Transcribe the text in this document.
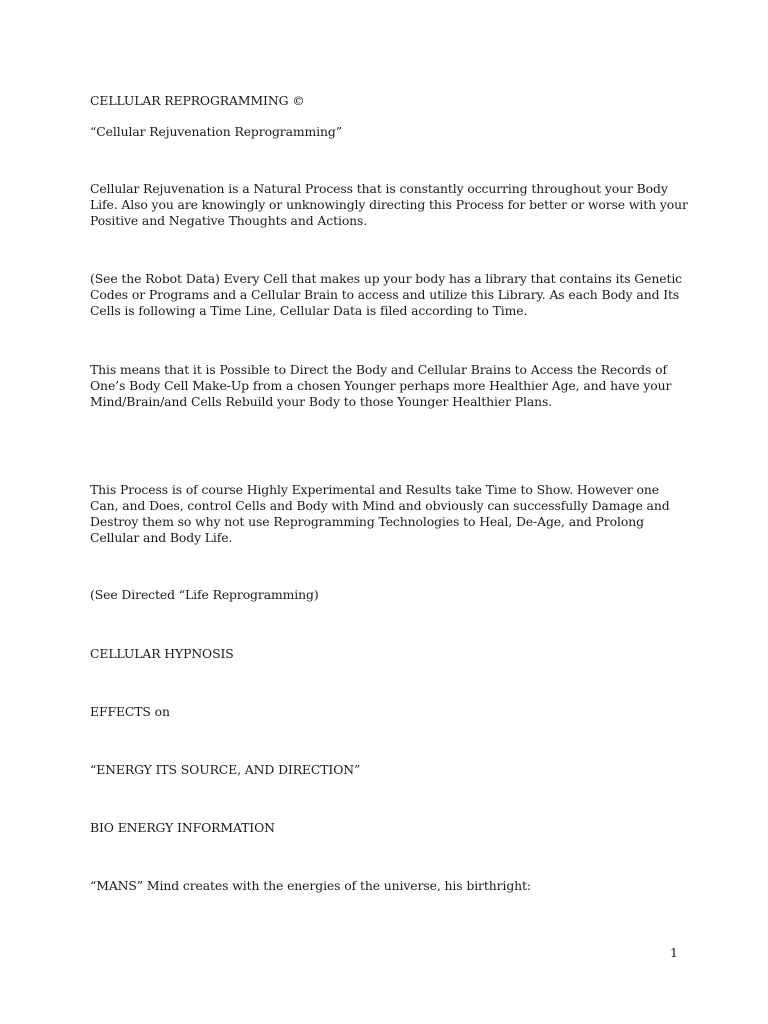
CELLULAR REPROGRAMMING ©
“Cellular Rejuvenation Reprogramming”
Cellular Rejuvenation is a Natural Process that is constantly occurring throughout your Body
Life. Also you are knowingly or unknowingly directing this Process for better or worse with your
Positive and Negative Thoughts and Actions.
(See the Robot Data) Every Cell that makes up your body has a library that contains its Genetic
Codes or Programs and a Cellular Brain to access and utilize this Library. As each Body and Its
Cells is following a Time Line, Cellular Data is filed according to Time.
This means that it is Possible to Direct the Body and Cellular Brains to Access the Records of
One’s Body Cell Make-Up from a chosen Younger perhaps more Healthier Age, and have your
Mind/Brain/and Cells Rebuild your Body to those Younger Healthier Plans.
This Process is of course Highly Experimental and Results take Time to Show. However one
Can, and Does, control Cells and Body with Mind and obviously can successfully Damage and
Destroy them so why not use Reprogramming Technologies to Heal, De-Age, and Prolong
Cellular and Body Life.
(See Directed “Life Reprogramming)
CELLULAR HYPNOSIS
EFFECTS on
“ENERGY ITS SOURCE, AND DIRECTION”
BIO ENERGY INFORMATION
“MANS” Mind creates with the energies of the universe, his birthright:
1
